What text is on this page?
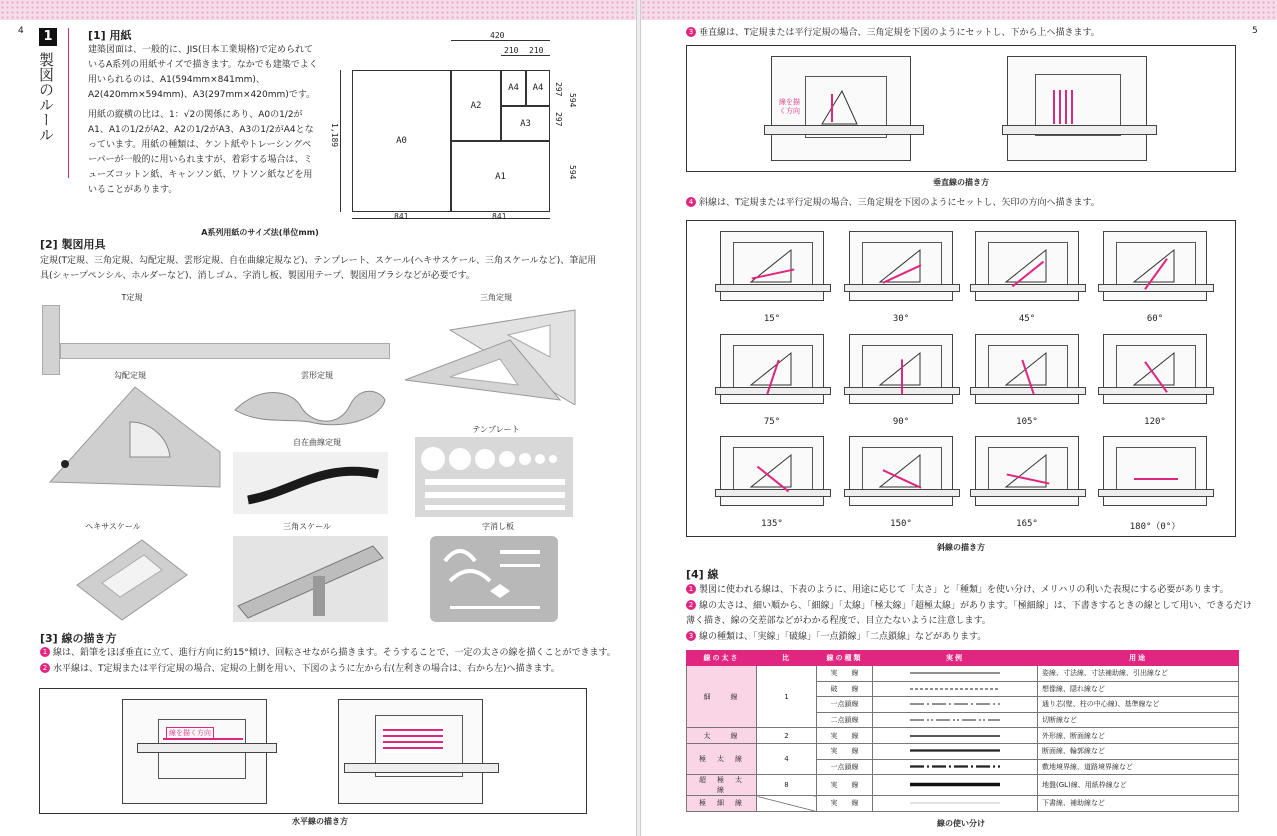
4	5
1
製図のルール
[1] 用紙
建築図面は、一般的に、JIS(日本工業規格)で定められているA系列の用紙サイズで描きます。なかでも建築でよく用いられるのは、A1(594mm×841mm)、A2(420mm×594mm)、A3(297mm×420mm)です。
用紙の縦横の比は、1：√2の関係にあり、A0の1/2がA1、A1の1/2がA2、A2の1/2がA3、A3の1/2がA4となっています。用紙の種類は、ケント紙やトレーシングペーパーが一般的に用いられますが、着彩する場合は、ミューズコットン紙、キャンソン紙、ワトソン紙などを用いることがあります。
A0
A1
A2
A3
A4	A4
420
210 210
1,189
297
297
594
594
841	841
A系列用紙のサイズ法(単位mm)
[2] 製図用具
定規(T定規、三角定規、勾配定規、雲形定規、自在曲線定規など)、テンプレート、スケール(ヘキサスケール、三角スケールなど)、筆記用具(シャープペンシル、ホルダーなど)、消しゴム、字消し板、製図用テープ、製図用ブラシなどが必要です。
T定規	三角定規
勾配定規	雲形定規
自在曲線定規
テンプレート
ヘキサスケール	三角スケール	字消し板
[3] 線の描き方
1 線は、鉛筆をほぼ垂直に立て、進行方向に約15°傾け、回転させながら描きます。そうすることで、一定の太さの線を描くことができます。
2 水平線は、T定規または平行定規の場合、定規の上側を用い、下図のように左から右(左利きの場合は、右から左)へ描きます。
線を描く方向
水平線の描き方
3 垂直線は、T定規または平行定規の場合、三角定規を下図のようにセットし、下から上へ描きます。
線を描く方向
垂直線の描き方
4 斜線は、T定規または平行定規の場合、三角定規を下図のようにセットし、矢印の方向へ描きます。
15°	30°	45°	60°
75°	90°	105°	120°
135°	150°	165°	180°（0°）
斜線の描き方
[4] 線
1 製図に使われる線は、下表のように、用途に応じて「太さ」と「種類」を使い分け、メリハリの利いた表現にする必要があります。
2 線の太さは、細い順から、「細線」「太線」「極太線」「超極太線」があります。「極細線」は、下書きするときの線として用い、できるだけ薄く描き、線の交差部などがわかる程度で、目立たないように注意します。
3 線の種類は、「実線」「破線」「一点鎖線」「二点鎖線」などがあります。
線の太さ	比	線の種類	実例	用途
細　　線	1	実　　線		姿線、寸法線、寸法補助線、引出線など
		破　　線		想像線、隠れ線など
		一点鎖線		通り芯(壁、柱の中心線)、基準線など
		二点鎖線		切断線など
太　　線	2	実　　線		外形線、断面線など
極　太　線	4	実　　線		断面線、輪郭線など
		一点鎖線		敷地境界線、道路境界線など
超　極　太　線	8	実　　線		地盤(GL)線、用紙枠線など
極　細　線		実　　線		下書線、補助線など
線の使い分け
